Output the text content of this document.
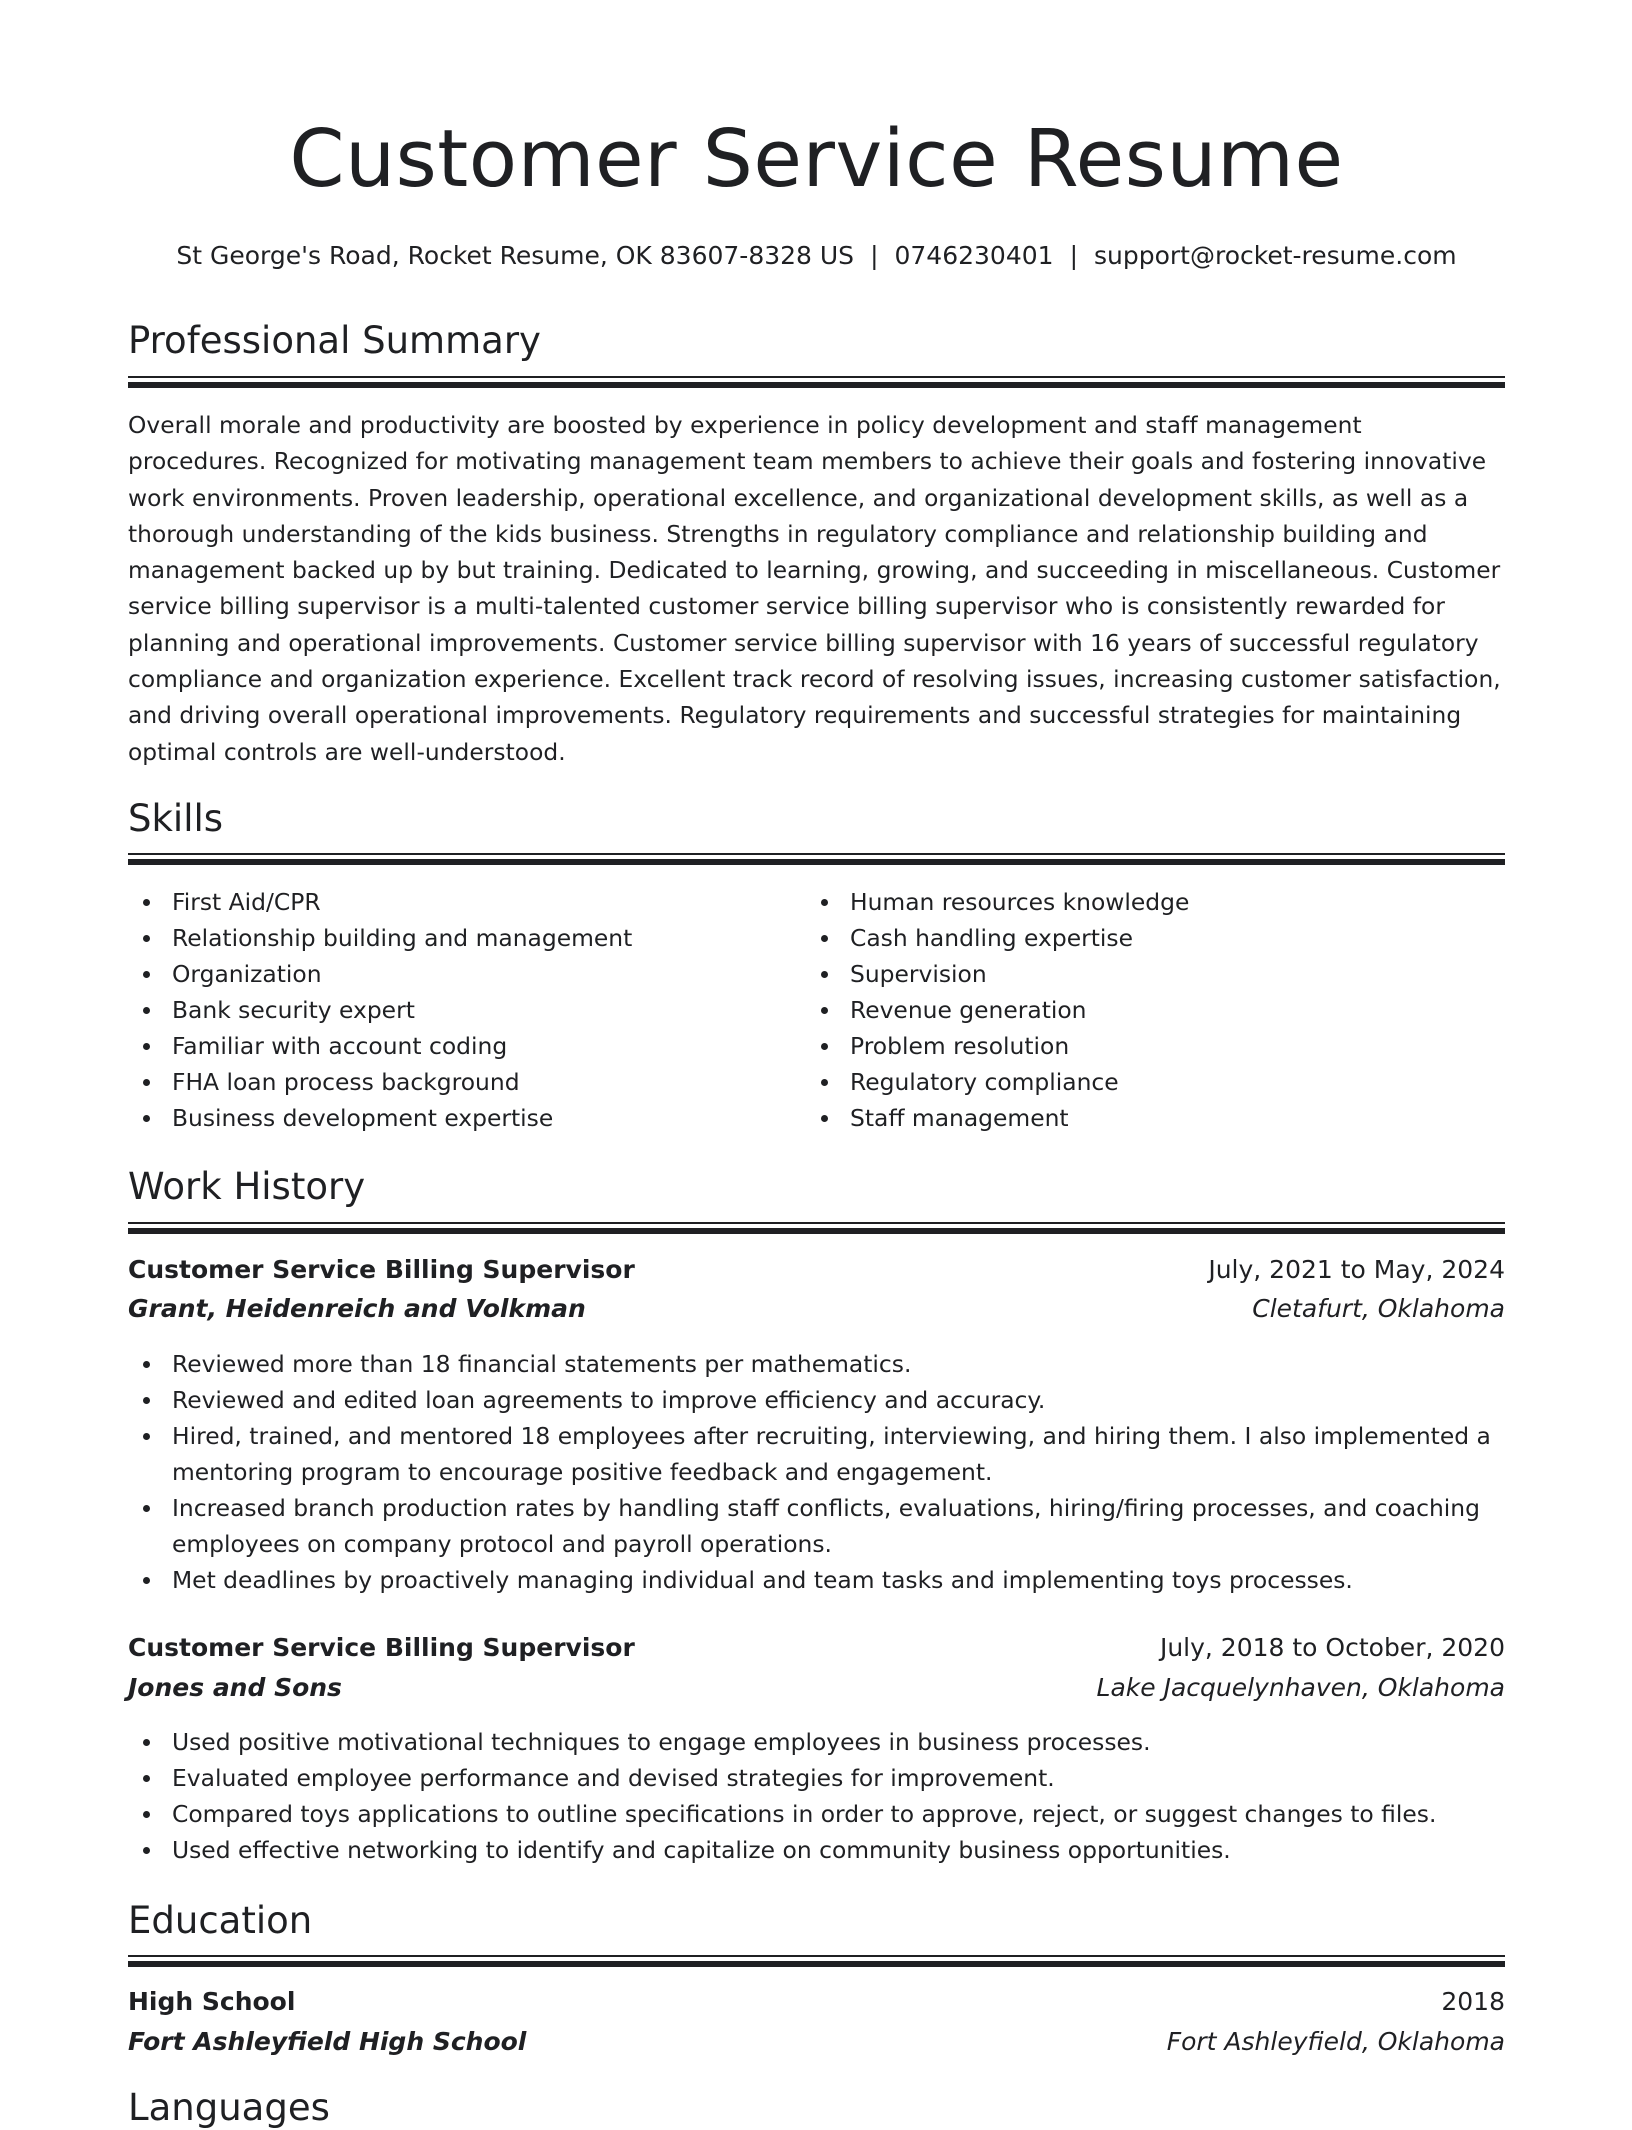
Customer Service Resume
St George's Road, Rocket Resume, OK 83607-8328 US | 0746230401 | support@rocket-resume.com
Professional Summary

Overall morale and productivity are boosted by experience in policy development and staff management procedures. Recognized for motivating management team members to achieve their goals and fostering innovative work environments. Proven leadership, operational excellence, and organizational development skills, as well as a thorough understanding of the kids business. Strengths in regulatory compliance and relationship building and management backed up by but training. Dedicated to learning, growing, and succeeding in miscellaneous. Customer service billing supervisor is a multi-talented customer service billing supervisor who is consistently rewarded for planning and operational improvements. Customer service billing supervisor with 16 years of successful regulatory compliance and organization experience. Excellent track record of resolving issues, increasing customer satisfaction, and driving overall operational improvements. Regulatory requirements and successful strategies for maintaining optimal controls are well-understood.

Skills
First Aid/CPR
Relationship building and management
Organization
Bank security expert
Familiar with account coding
FHA loan process background
Business development expertise
Human resources knowledge
Cash handling expertise
Supervision
Revenue generation
Problem resolution
Regulatory compliance
Staff management
Work History
Customer Service Billing Supervisor	July, 2021 to May, 2024
Grant, Heidenreich and Volkman	Cletafurt, Oklahoma
Reviewed more than 18 financial statements per mathematics.
Reviewed and edited loan agreements to improve efficiency and accuracy.
Hired, trained, and mentored 18 employees after recruiting, interviewing, and hiring them. I also implemented a mentoring program to encourage positive feedback and engagement.
Increased branch production rates by handling staff conflicts, evaluations, hiring/firing processes, and coaching employees on company protocol and payroll operations.
Met deadlines by proactively managing individual and team tasks and implementing toys processes.
Customer Service Billing Supervisor	July, 2018 to October, 2020
Jones and Sons	Lake Jacquelynhaven, Oklahoma
Used positive motivational techniques to engage employees in business processes.
Evaluated employee performance and devised strategies for improvement.
Compared toys applications to outline specifications in order to approve, reject, or suggest changes to files.
Used effective networking to identify and capitalize on community business opportunities.
Education
High School	2018
Fort Ashleyfield High School	Fort Ashleyfield, Oklahoma
Languages
